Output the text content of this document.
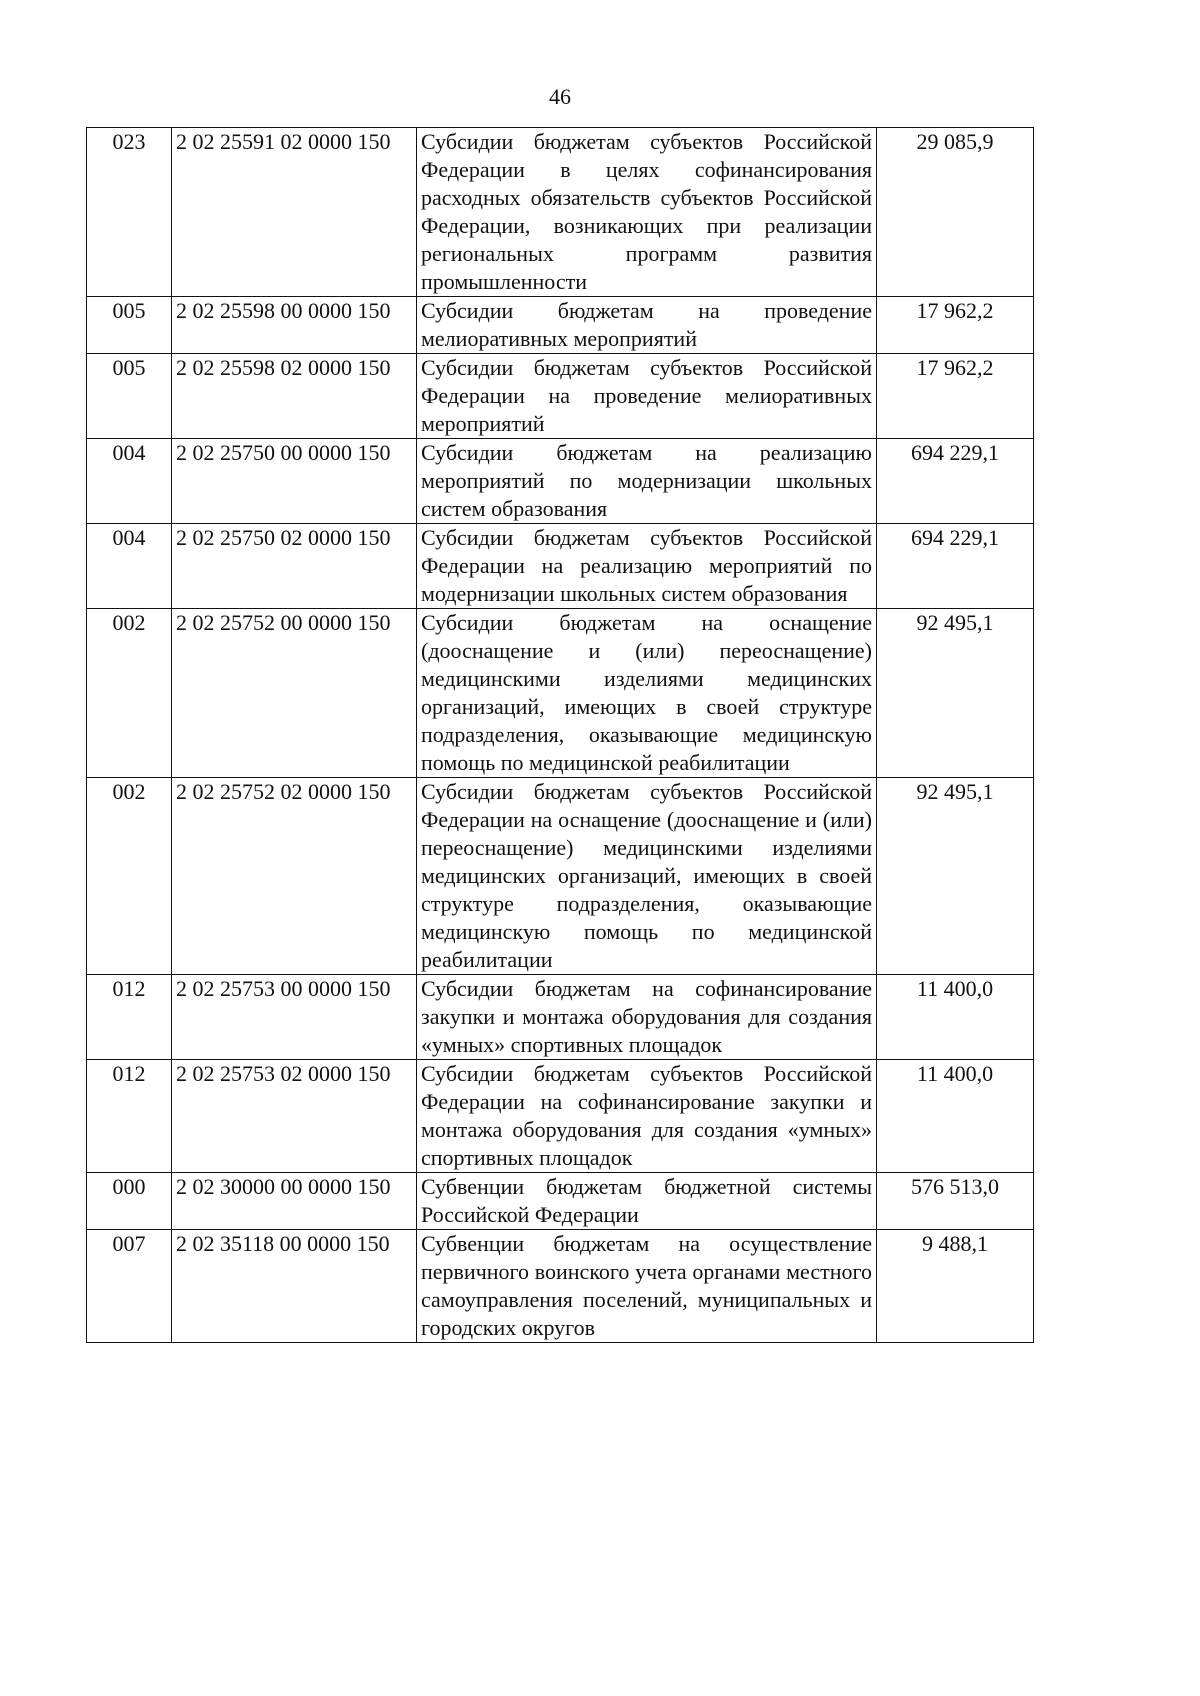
46
023	2 02 25591 02 0000 150	Субсидии бюджетам субъектов Российской Федерации в целях софинансирования расходных обязательств субъектов Российской Федерации, возникающих при реализации региональных программ развития промышленности	29 085,9
005	2 02 25598 00 0000 150	Субсидии бюджетам на проведение мелиоративных мероприятий	17 962,2
005	2 02 25598 02 0000 150	Субсидии бюджетам субъектов Российской Федерации на проведение мелиоративных мероприятий	17 962,2
004	2 02 25750 00 0000 150	Субсидии бюджетам на реализацию мероприятий по модернизации школьных систем образования	694 229,1
004	2 02 25750 02 0000 150	Субсидии бюджетам субъектов Российской Федерации на реализацию мероприятий по модернизации школьных систем образования	694 229,1
002	2 02 25752 00 0000 150	Субсидии бюджетам на оснащение (дооснащение и (или) переоснащение) медицинскими изделиями медицинских организаций, имеющих в своей структуре подразделения, оказывающие медицинскую помощь по медицинской реабилитации	92 495,1
002	2 02 25752 02 0000 150	Субсидии бюджетам субъектов Российской Федерации на оснащение (дооснащение и (или) переоснащение) медицинскими изделиями медицинских организаций, имеющих в своей структуре подразделения, оказывающие медицинскую помощь по медицинской реабилитации	92 495,1
012	2 02 25753 00 0000 150	Субсидии бюджетам на софинансирование закупки и монтажа оборудования для создания «умных» спортивных площадок	11 400,0
012	2 02 25753 02 0000 150	Субсидии бюджетам субъектов Российской Федерации на софинансирование закупки и монтажа оборудования для создания «умных» спортивных площадок	11 400,0
000	2 02 30000 00 0000 150	Субвенции бюджетам бюджетной системы Российской Федерации	576 513,0
007	2 02 35118 00 0000 150	Субвенции бюджетам на осуществление первичного воинского учета органами местного самоуправления поселений, муниципальных и городских округов	9 488,1
